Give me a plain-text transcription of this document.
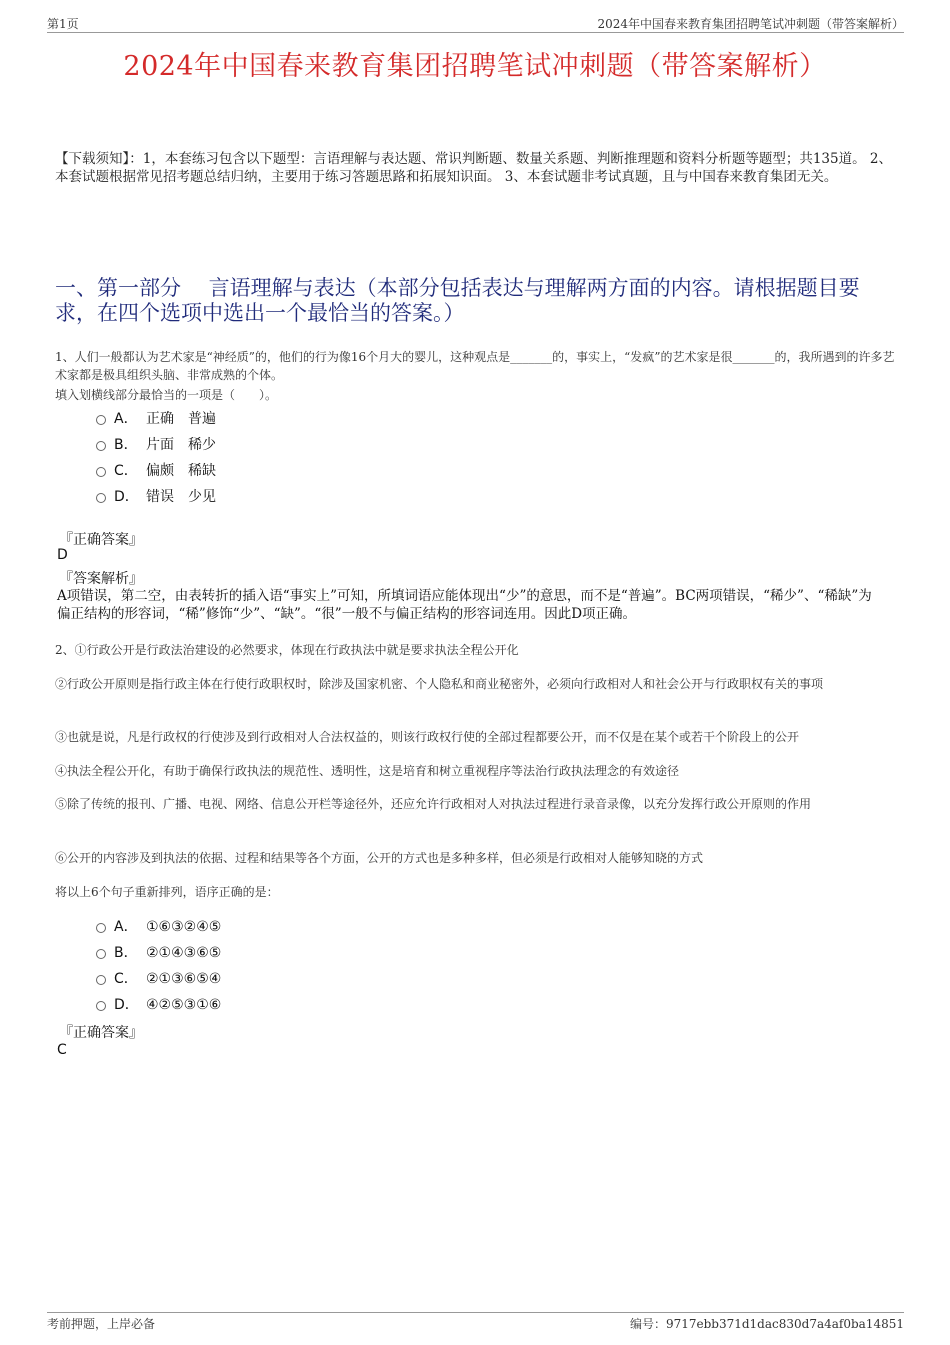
第1页	2024年中国春来教育集团招聘笔试冲刺题（带答案解析）
2024年中国春来教育集团招聘笔试冲刺题（带答案解析）
【下载须知】：1，本套练习包含以下题型：言语理解与表达题、常识判断题、数量关系题、判断推理题和资料分析题等题型；共135道。 2、本套试题根据常见招考题总结归纳，主要用于练习答题思路和拓展知识面。 3、本套试题非考试真题，且与中国春来教育集团无关。
一、第一部分　 言语理解与表达（本部分包括表达与理解两方面的内容。请根据题目要求，在四个选项中选出一个最恰当的答案。）
1、人们一般都认为艺术家是“神经质”的，他们的行为像16个月大的婴儿，这种观点是_______的，事实上，“发疯”的艺术家是很_______的，我所遇到的许多艺术家都是极具组织头脑、非常成熟的个体。
填入划横线部分最恰当的一项是（　　）。
A． 正确　普遍
B． 片面　稀少
C． 偏颇　稀缺
D． 错误　少见
『正确答案』
D
『答案解析』
A项错误，第二空，由表转折的插入语“事实上”可知，所填词语应能体现出“少”的意思，而不是“普遍”。BC两项错误，“稀少”、“稀缺”为偏正结构的形容词，“稀”修饰“少”、“缺”。“很”一般不与偏正结构的形容词连用。因此D项正确。
2、①行政公开是行政法治建设的必然要求，体现在行政执法中就是要求执法全程公开化
②行政公开原则是指行政主体在行使行政职权时，除涉及国家机密、个人隐私和商业秘密外，必须向行政相对人和社会公开与行政职权有关的事项
③也就是说，凡是行政权的行使涉及到行政相对人合法权益的，则该行政权行使的全部过程都要公开，而不仅是在某个或若干个阶段上的公开
④执法全程公开化，有助于确保行政执法的规范性、透明性，这是培育和树立重视程序等法治行政执法理念的有效途径
⑤除了传统的报刊、广播、电视、网络、信息公开栏等途径外，还应允许行政相对人对执法过程进行录音录像，以充分发挥行政公开原则的作用
⑥公开的内容涉及到执法的依据、过程和结果等各个方面，公开的方式也是多种多样，但必须是行政相对人能够知晓的方式
将以上6个句子重新排列，语序正确的是：
A． ①⑥③②④⑤
B． ②①④③⑥⑤
C． ②①③⑥⑤④
D． ④②⑤③①⑥
『正确答案』
C
考前押题，上岸必备	编号：9717ebb371d1dac830d7a4af0ba14851
